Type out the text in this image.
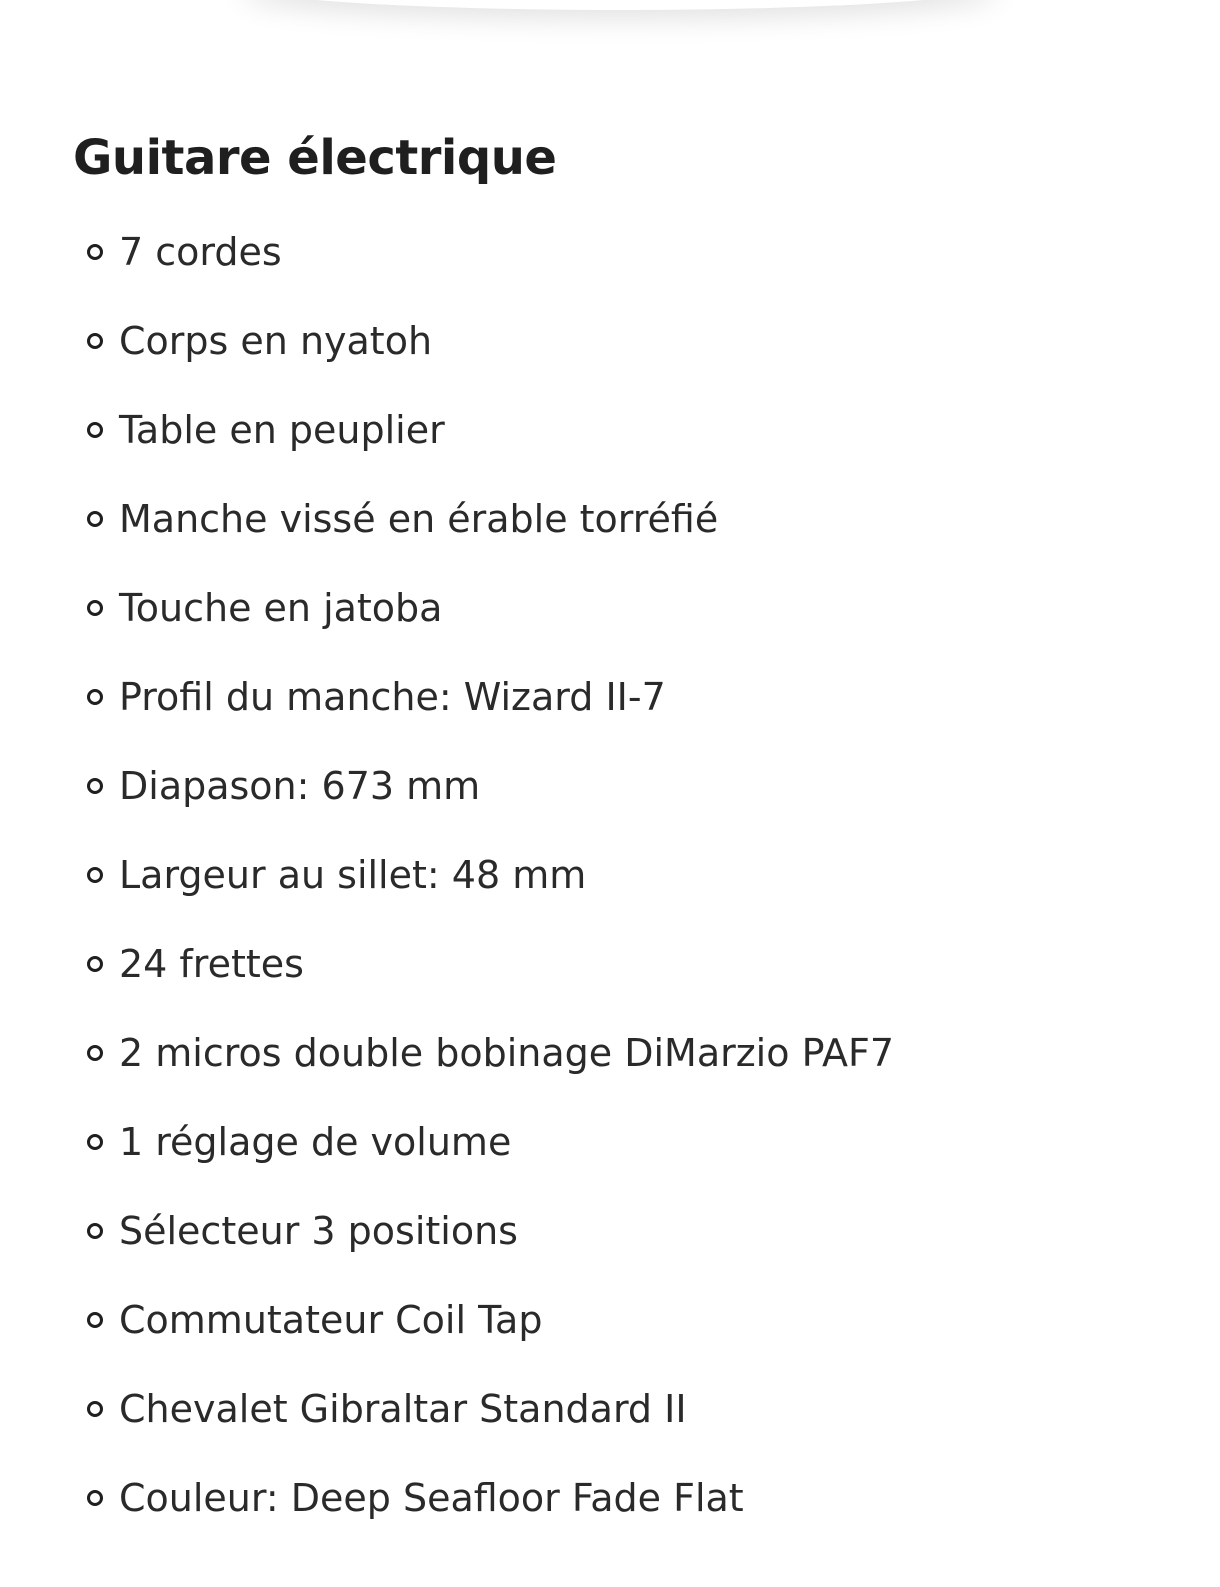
Guitare électrique
7 cordes
Corps en nyatoh
Table en peuplier
Manche vissé en érable torréfié
Touche en jatoba
Profil du manche: Wizard II-7
Diapason: 673 mm
Largeur au sillet: 48 mm
24 frettes
2 micros double bobinage DiMarzio PAF7
1 réglage de volume
Sélecteur 3 positions
Commutateur Coil Tap
Chevalet Gibraltar Standard II
Couleur: Deep Seafloor Fade Flat
